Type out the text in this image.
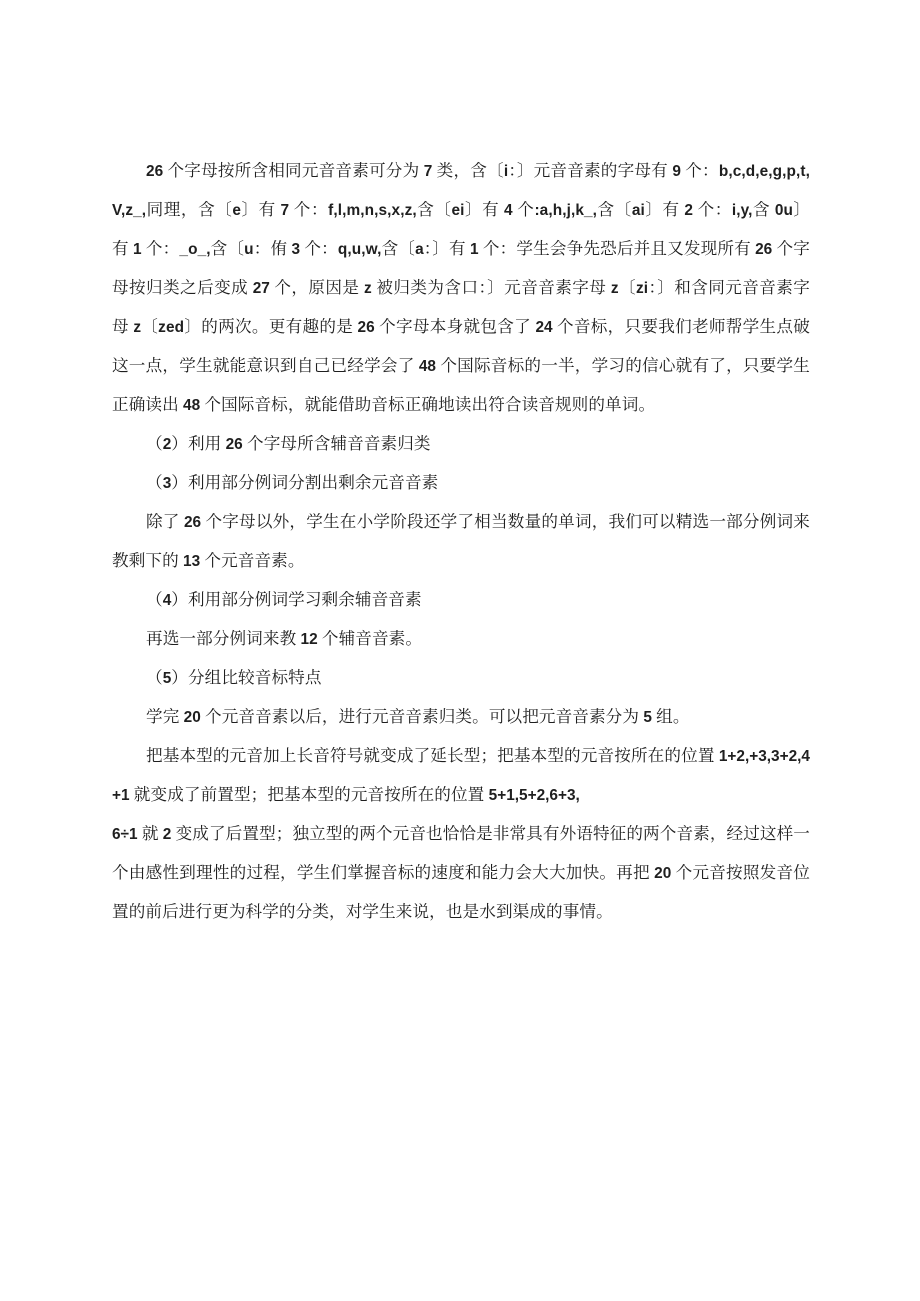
26 个字母按所含相同元音音素可分为 7 类，含〔i：〕元音音素的字母有 9 个：b,c,d,e,g,p,t,V,z_,同理，含〔e〕有 7 个：f,l,m,n,s,x,z,含〔ei〕有 4 个:a,h,j,k_,含〔ai〕有 2 个：i,y,含 0u〕有 1 个：_o_,含〔u：侑 3 个：q,u,w,含〔a：〕有 1 个：学生会争先恐后并且又发现所有 26 个字母按归类之后变成 27 个，原因是 z 被归类为含口：〕元音音素字母 z〔zi：〕和含同元音音素字母 z〔zed〕的两次。更有趣的是 26 个字母本身就包含了 24 个音标，只要我们老师帮学生点破这一点，学生就能意识到自己已经学会了 48 个国际音标的一半，学习的信心就有了，只要学生正确读出 48 个国际音标，就能借助音标正确地读出符合读音规则的单词。

（2）利用 26 个字母所含辅音音素归类

（3）利用部分例词分割出剩余元音音素

除了 26 个字母以外，学生在小学阶段还学了相当数量的单词，我们可以精选一部分例词来教剩下的 13 个元音音素。

（4）利用部分例词学习剩余辅音音素

再选一部分例词来教 12 个辅音音素。

（5）分组比较音标特点

学完 20 个元音音素以后，进行元音音素归类。可以把元音音素分为 5 组。

把基本型的元音加上长音符号就变成了延长型；把基本型的元音按所在的位置 1+2,+3,3+2,4+1 就变成了前置型；把基本型的元音按所在的位置 5+1,5+2,6+3,

6÷1 就 2 变成了后置型；独立型的两个元音也恰恰是非常具有外语特征的两个音素，经过这样一个由感性到理性的过程，学生们掌握音标的速度和能力会大大加快。再把 20 个元音按照发音位置的前后进行更为科学的分类，对学生来说，也是水到渠成的事情。
